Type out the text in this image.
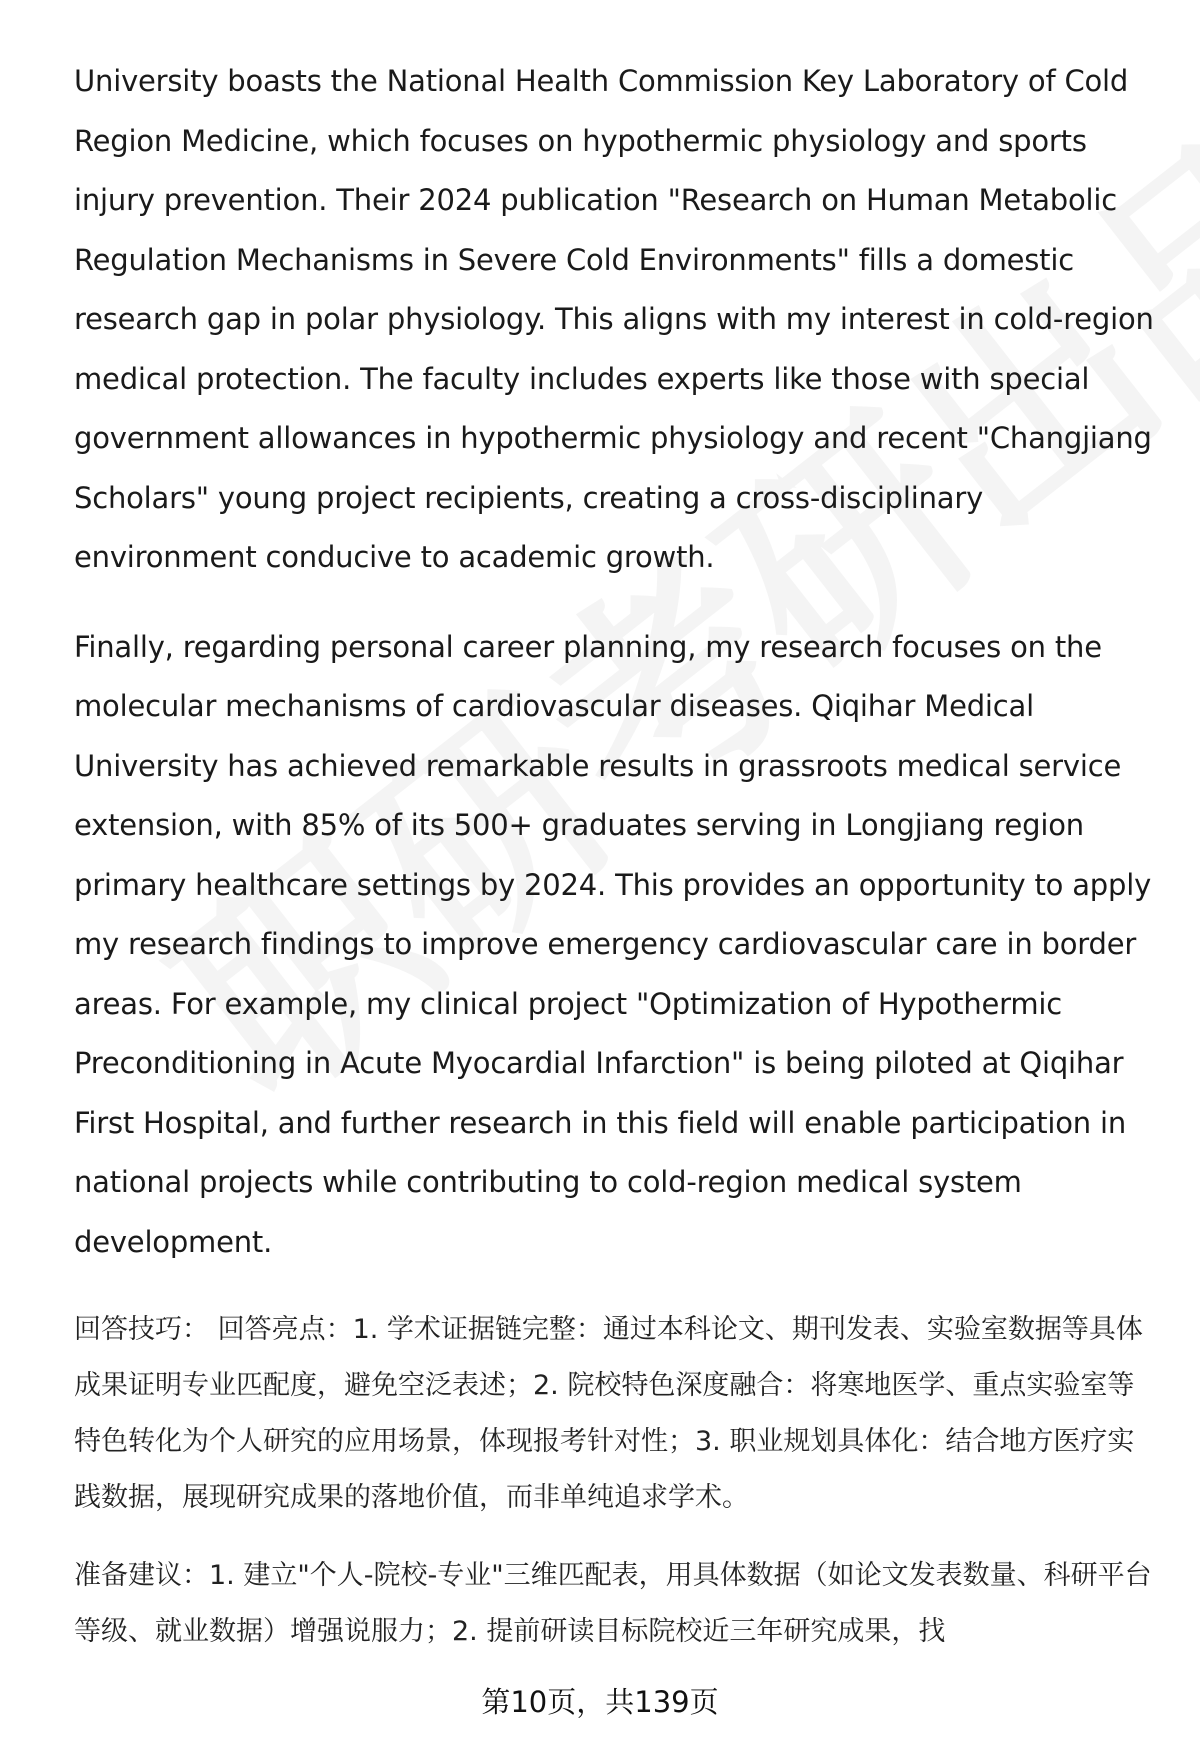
University boasts the National Health Commission Key Laboratory of Cold Region Medicine, which focuses on hypothermic physiology and sports injury prevention. Their 2024 publication "Research on Human Metabolic Regulation Mechanisms in Severe Cold Environments" fills a domestic research gap in polar physiology. This aligns with my interest in cold-region medical protection. The faculty includes experts like those with special government allowances in hypothermic physiology and recent "Changjiang Scholars" young project recipients, creating a cross-disciplinary environment conducive to academic growth.

Finally, regarding personal career planning, my research focuses on the molecular mechanisms of cardiovascular diseases. Qiqihar Medical University has achieved remarkable results in grassroots medical service extension, with 85% of its 500+ graduates serving in Longjiang region primary healthcare settings by 2024. This provides an opportunity to apply my research findings to improve emergency cardiovascular care in border areas. For example, my clinical project "Optimization of Hypothermic Preconditioning in Acute Myocardial Infarction" is being piloted at Qiqihar First Hospital, and further research in this field will enable participation in national projects while contributing to cold-region medical system development.

回答技巧： 回答亮点：1. 学术证据链完整：通过本科论文、期刊发表、实验室数据等具体成果证明专业匹配度，避免空泛表述；2. 院校特色深度融合：将寒地医学、重点实验室等特色转化为个人研究的应用场景，体现报考针对性；3. 职业规划具体化：结合地方医疗实践数据，展现研究成果的落地价值，而非单纯追求学术。

准备建议：1. 建立"个人-院校-专业"三维匹配表，用具体数据（如论文发表数量、科研平台等级、就业数据）增强说服力；2. 提前研读目标院校近三年研究成果，找

第10页，共139页
